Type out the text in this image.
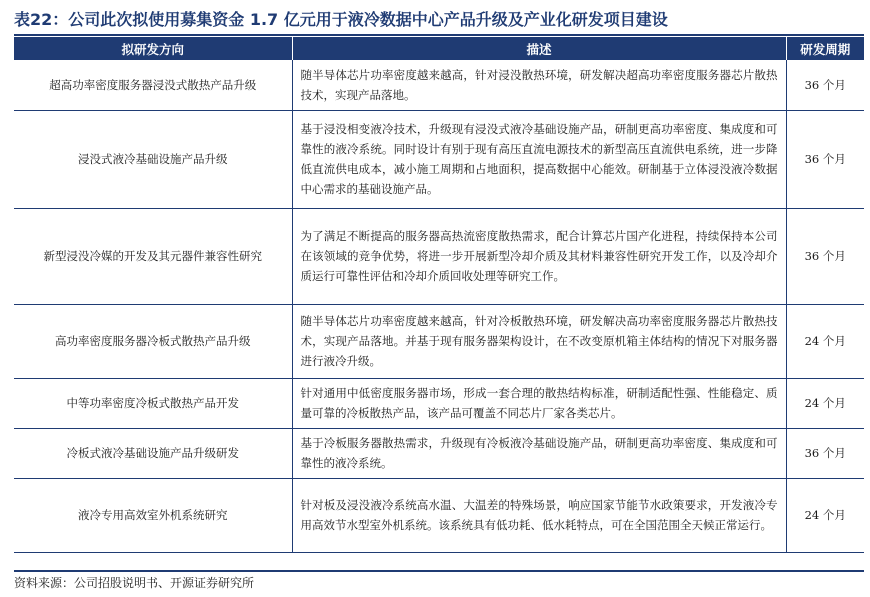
表22：公司此次拟使用募集资金 1.7 亿元用于液冷数据中心产品升级及产业化研发项目建设
拟研发方向	描述	研发周期
超高功率密度服务器浸没式散热产品升级	随半导体芯片功率密度越来越高，针对浸没散热环境，研发解决超高功率密度服务器芯片散热技术，实现产品落地。	36 个月
浸没式液冷基础设施产品升级	基于浸没相变液冷技术，升级现有浸没式液冷基础设施产品，研制更高功率密度、集成度和可靠性的液冷系统。同时设计有别于现有高压直流电源技术的新型高压直流供电系统，进一步降低直流供电成本，减小施工周期和占地面积，提高数据中心能效。研制基于立体浸没液冷数据中心需求的基础设施产品。	36 个月
新型浸没冷媒的开发及其元器件兼容性研究	为了满足不断提高的服务器高热流密度散热需求，配合计算芯片国产化进程，持续保持本公司在该领域的竞争优势，将进一步开展新型冷却介质及其材料兼容性研究开发工作，以及冷却介质运行可靠性评估和冷却介质回收处理等研究工作。	36 个月
高功率密度服务器冷板式散热产品升级	随半导体芯片功率密度越来越高，针对冷板散热环境，研发解决高功率密度服务器芯片散热技术，实现产品落地。并基于现有服务器架构设计，在不改变原机箱主体结构的情况下对服务器进行液冷升级。	24 个月
中等功率密度冷板式散热产品开发	针对通用中低密度服务器市场，形成一套合理的散热结构标准，研制适配性强、性能稳定、质量可靠的冷板散热产品，该产品可覆盖不同芯片厂家各类芯片。	24 个月
冷板式液冷基础设施产品升级研发	基于冷板服务器散热需求，升级现有冷板液冷基础设施产品，研制更高功率密度、集成度和可靠性的液冷系统。	36 个月
液冷专用高效室外机系统研究	针对板及浸没液冷系统高水温、大温差的特殊场景，响应国家节能节水政策要求，开发液冷专用高效节水型室外机系统。该系统具有低功耗、低水耗特点，可在全国范围全天候正常运行。	24 个月
资料来源：公司招股说明书、开源证券研究所
